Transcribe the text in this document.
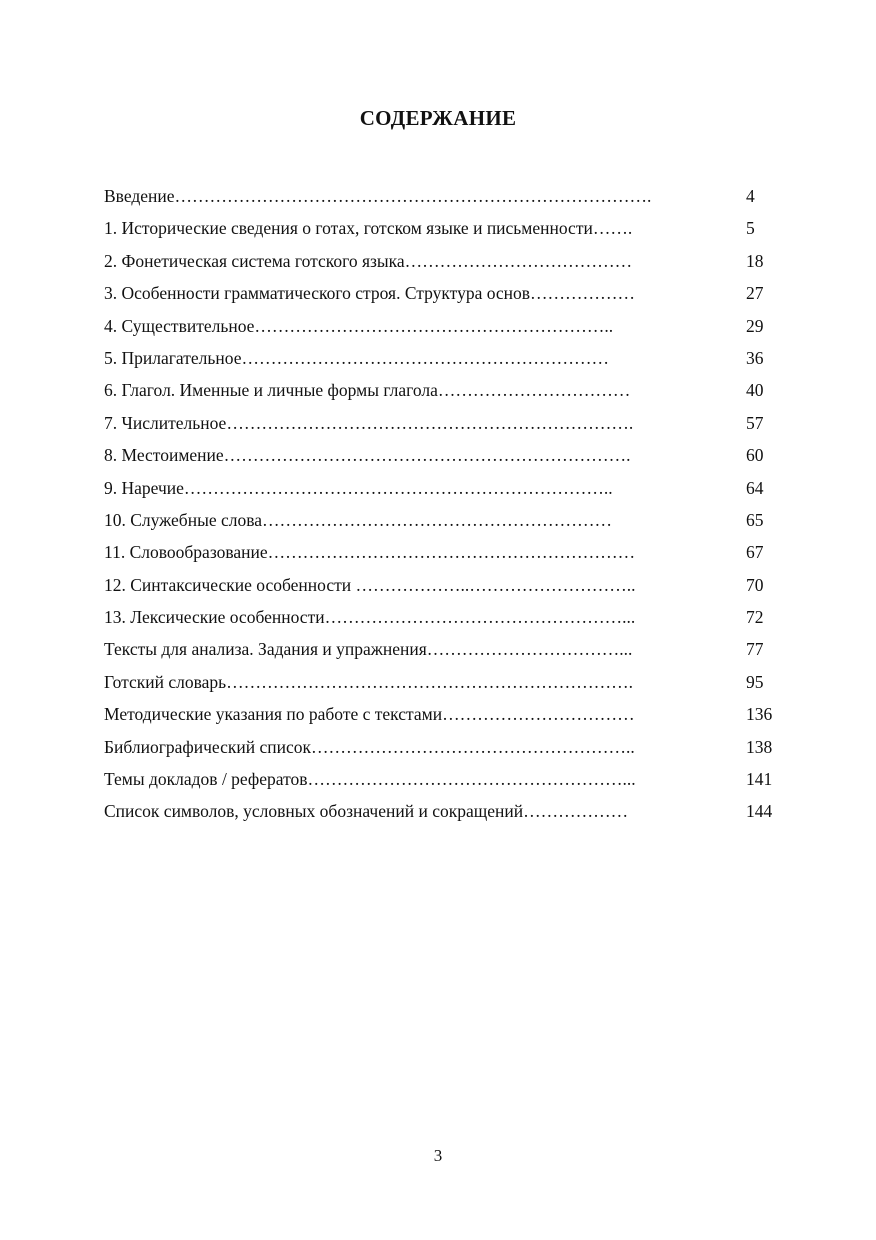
СОДЕРЖАНИЕ
Введение……………………………………………………………………….	4
1. Исторические сведения о готах, готском языке и письменности…….	5
2. Фонетическая система готского языка…………………………………	18
3. Особенности грамматического строя. Структура основ………………	27
4. Существительное……………………………………………………..	29
5. Прилагательное………………………………………………………	36
6. Глагол. Именные и личные формы глагола……………………………	40
7. Числительное…………………………………………………………….	57
8. Местоимение…………………………………………………………….	60
9. Наречие………………………………………………………………..	64
10. Служебные слова……………………………………………………	65
11. Словообразование………………………………………………………	67
12. Синтаксические особенности ………………..………………………..	70
13. Лексические особенности……………………………………………...	72
Тексты для анализа. Задания и упражнения……………………………...	77
Готский словарь…………………………………………………………….	95
Методические указания по работе с текстами……………………………	136
Библиографический список………………………………………………..	138
Темы докладов / рефератов………………………………………………...	141
Список символов, условных обозначений и сокращений………………	144
3
